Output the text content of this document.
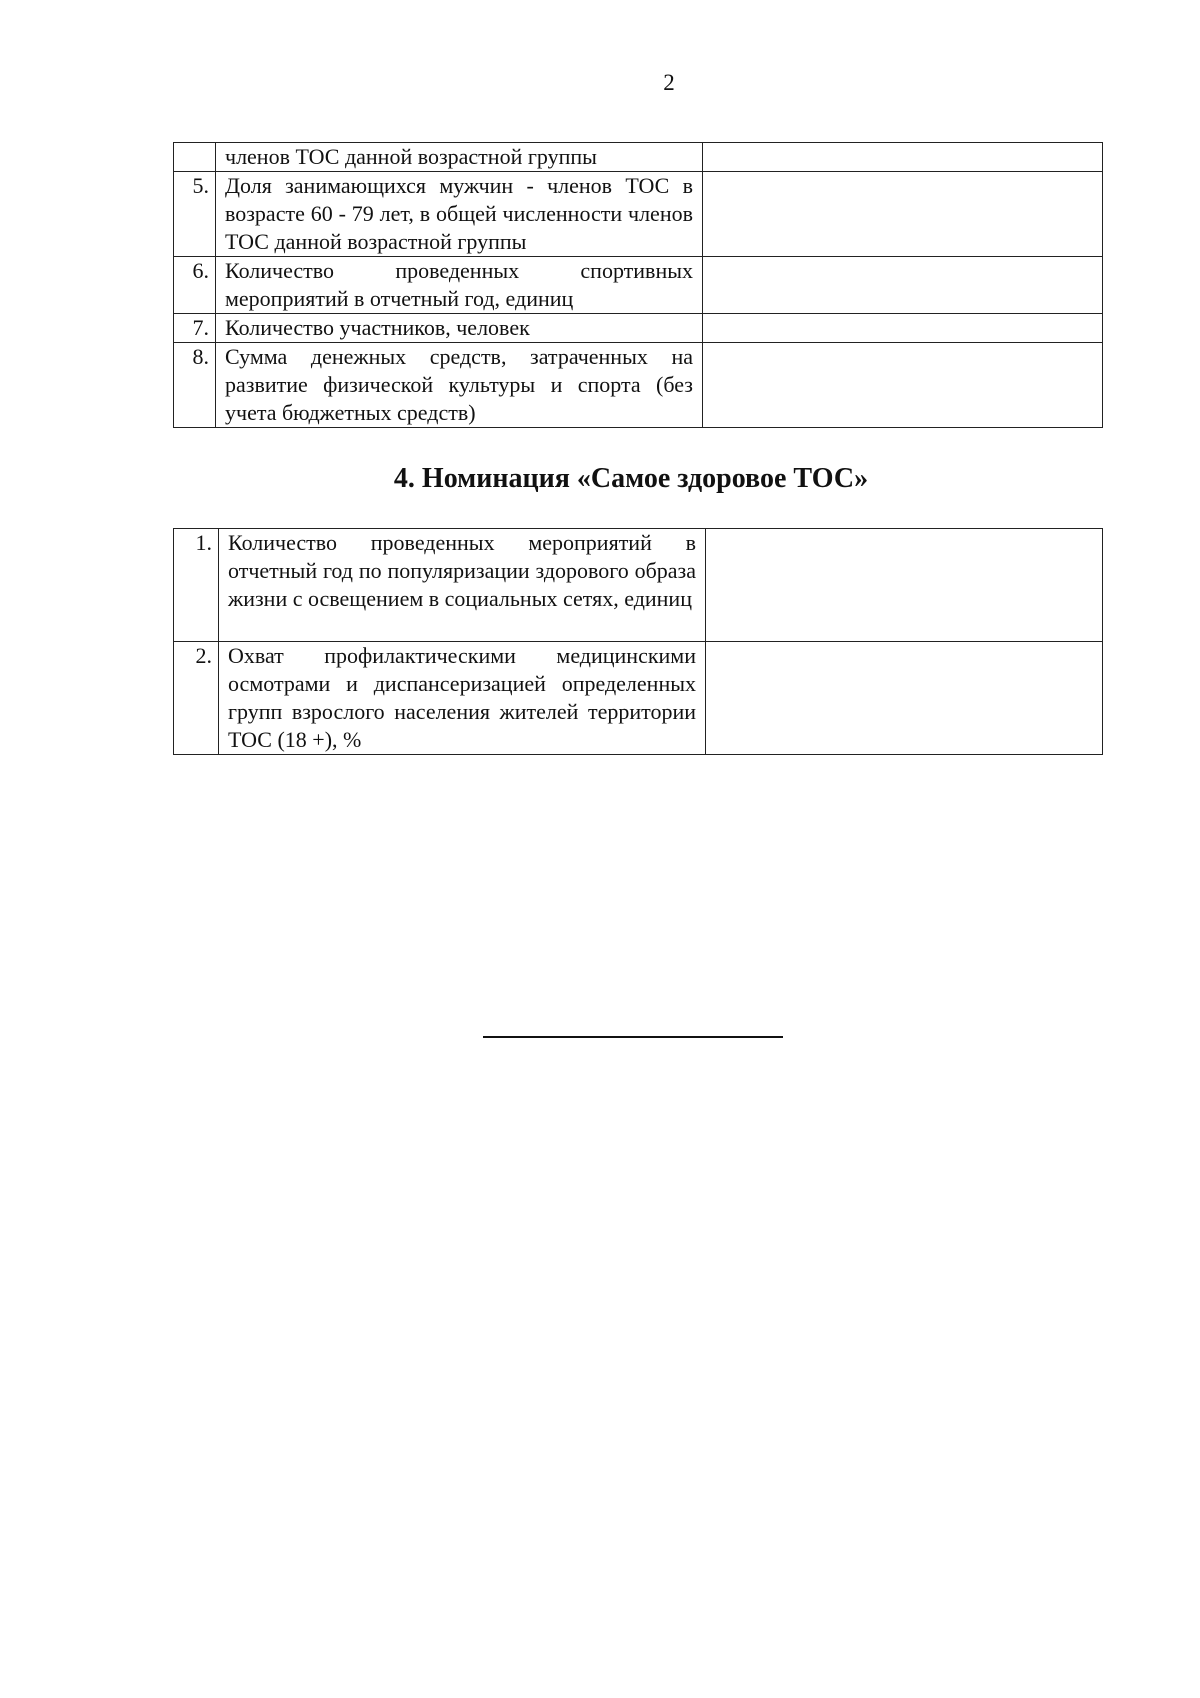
2

	членов ТОС данной возрастной группы	

5.	Доля занимающихся мужчин - членов ТОС в возрасте 60 - 79 лет, в общей численности членов ТОС данной возрастной группы	

6.	Количество проведенных спортивных мероприятий в отчетный год, единиц	

7.	Количество участников, человек	

8.	Сумма денежных средств, затраченных на развитие физической культуры и спорта (без учета бюджетных средств)	

4. Номинация «Самое здоровое ТОС»
1.	Количество проведенных мероприятий в отчетный год по популяризации здорового образа жизни с освещением в социальных сетях, единиц	

2.	Охват профилактическими медицинскими осмотрами и диспансеризацией определенных групп взрослого населения жителей территории ТОС (18 +), %	
